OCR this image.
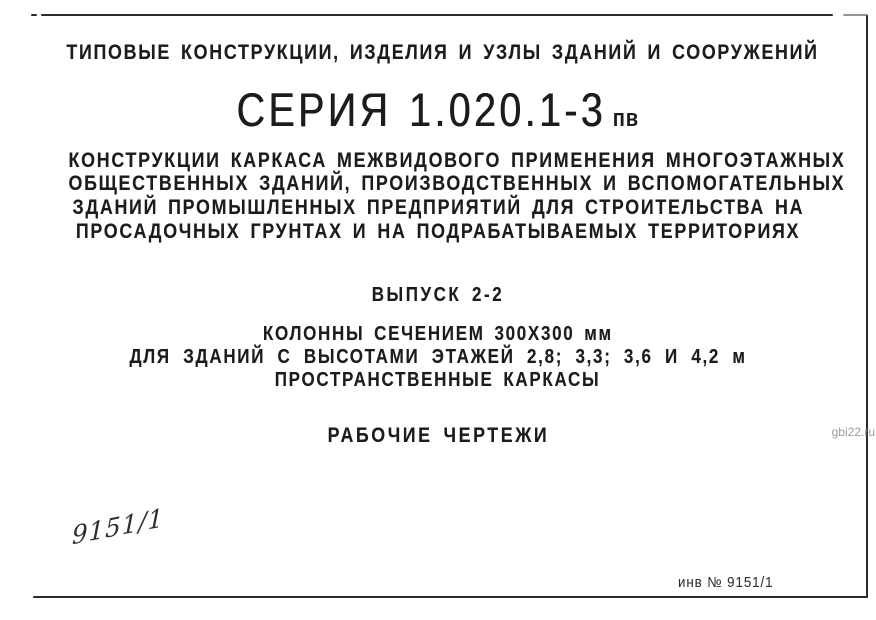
ТИПОВЫЕ КОНСТРУКЦИИ, ИЗДЕЛИЯ И УЗЛЫ ЗДАНИЙ И СООРУЖЕНИЙ
СЕРИЯ 1.020.1-3 пв
КОНСТРУКЦИИ КАРКАСА МЕЖВИДОВОГО ПРИМЕНЕНИЯ МНОГОЭТАЖНЫХ
ОБЩЕСТВЕННЫХ ЗДАНИЙ, ПРОИЗВОДСТВЕННЫХ И ВСПОМОГАТЕЛЬНЫХ
ЗДАНИЙ ПРОМЫШЛЕННЫХ ПРЕДПРИЯТИЙ ДЛЯ СТРОИТЕЛЬСТВА НА
ПРОСАДОЧНЫХ ГРУНТАХ И НА ПОДРАБАТЫВАЕМЫХ ТЕРРИТОРИЯХ
ВЫПУСК 2-2
КОЛОННЫ СЕЧЕНИЕМ 300X300 мм
ДЛЯ ЗДАНИЙ С ВЫСОТАМИ ЭТАЖЕЙ 2,8; 3,3; 3,6 И 4,2 м
ПРОСТРАНСТВЕННЫЕ КАРКАСЫ
РАБОЧИЕ ЧЕРТЕЖИ	gbi22.ru
9151/1
инв № 9151/1
